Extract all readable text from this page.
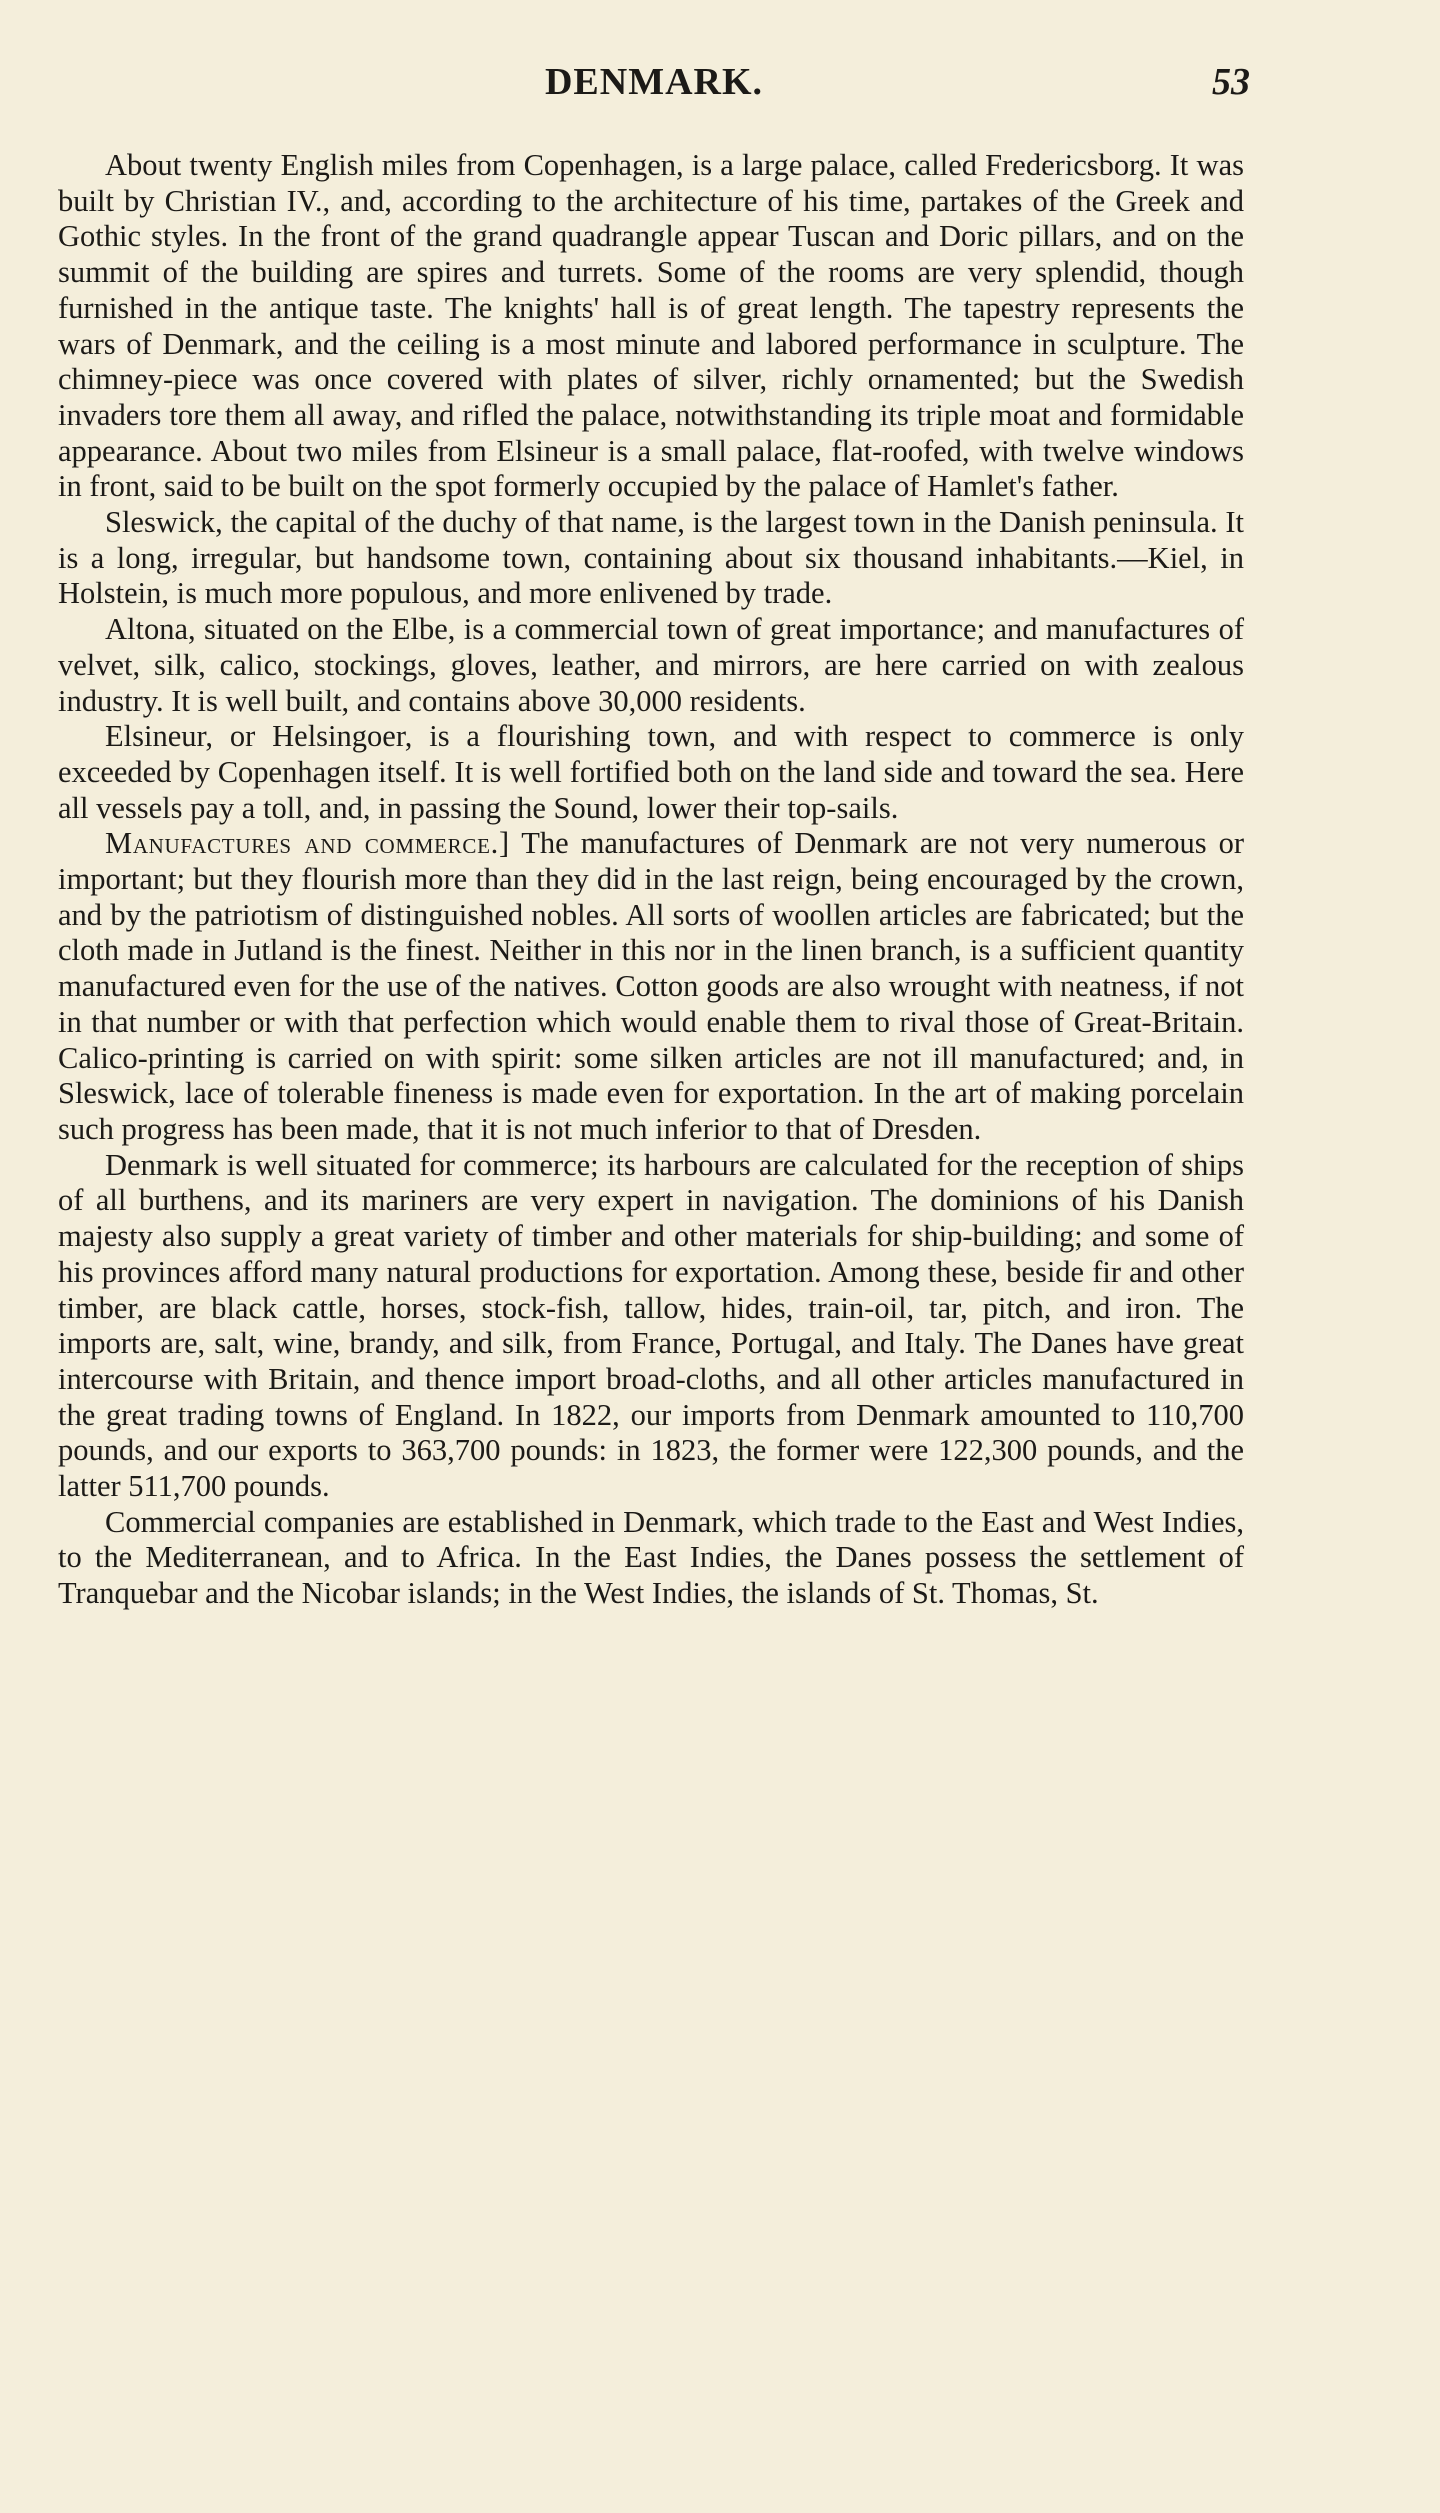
DENMARK.	53

About twenty English miles from Copenhagen, is a large palace, called Fredericsborg. It was built by Christian IV., and, according to the architecture of his time, partakes of the Greek and Gothic styles. In the front of the grand quadrangle appear Tuscan and Doric pillars, and on the summit of the building are spires and turrets. Some of the rooms are very splendid, though furnished in the antique taste. The knights' hall is of great length. The tapestry represents the wars of Denmark, and the ceiling is a most minute and labored performance in sculpture. The chimney-piece was once covered with plates of silver, richly ornamented; but the Swedish invaders tore them all away, and rifled the palace, notwithstanding its triple moat and formidable appearance. About two miles from Elsineur is a small palace, flat-roofed, with twelve windows in front, said to be built on the spot formerly occupied by the palace of Hamlet's father.

Sleswick, the capital of the duchy of that name, is the largest town in the Danish peninsula. It is a long, irregular, but handsome town, containing about six thousand inhabitants.—Kiel, in Holstein, is much more populous, and more enlivened by trade.

Altona, situated on the Elbe, is a commercial town of great importance; and manufactures of velvet, silk, calico, stockings, gloves, leather, and mirrors, are here carried on with zealous industry. It is well built, and contains above 30,000 residents.

Elsineur, or Helsingoer, is a flourishing town, and with respect to commerce is only exceeded by Copenhagen itself. It is well fortified both on the land side and toward the sea. Here all vessels pay a toll, and, in passing the Sound, lower their top-sails.

Manufactures and commerce.] The manufactures of Denmark are not very numerous or important; but they flourish more than they did in the last reign, being encouraged by the crown, and by the patriotism of distinguished nobles. All sorts of woollen articles are fabricated; but the cloth made in Jutland is the finest. Neither in this nor in the linen branch, is a sufficient quantity manufactured even for the use of the natives. Cotton goods are also wrought with neatness, if not in that number or with that perfection which would enable them to rival those of Great-Britain. Calico-printing is carried on with spirit: some silken articles are not ill manufactured; and, in Sleswick, lace of tolerable fineness is made even for exportation. In the art of making porcelain such progress has been made, that it is not much inferior to that of Dresden.

Denmark is well situated for commerce; its harbours are calculated for the reception of ships of all burthens, and its mariners are very expert in navigation. The dominions of his Danish majesty also supply a great variety of timber and other materials for ship-building; and some of his provinces afford many natural productions for exportation. Among these, beside fir and other timber, are black cattle, horses, stock-fish, tallow, hides, train-oil, tar, pitch, and iron. The imports are, salt, wine, brandy, and silk, from France, Portugal, and Italy. The Danes have great intercourse with Britain, and thence import broad-cloths, and all other articles manufactured in the great trading towns of England. In 1822, our imports from Denmark amounted to 110,700 pounds, and our exports to 363,700 pounds: in 1823, the former were 122,300 pounds, and the latter 511,700 pounds.

Commercial companies are established in Denmark, which trade to the East and West Indies, to the Mediterranean, and to Africa. In the East Indies, the Danes possess the settlement of Tranquebar and the Nicobar islands; in the West Indies, the islands of St. Thomas, St.
